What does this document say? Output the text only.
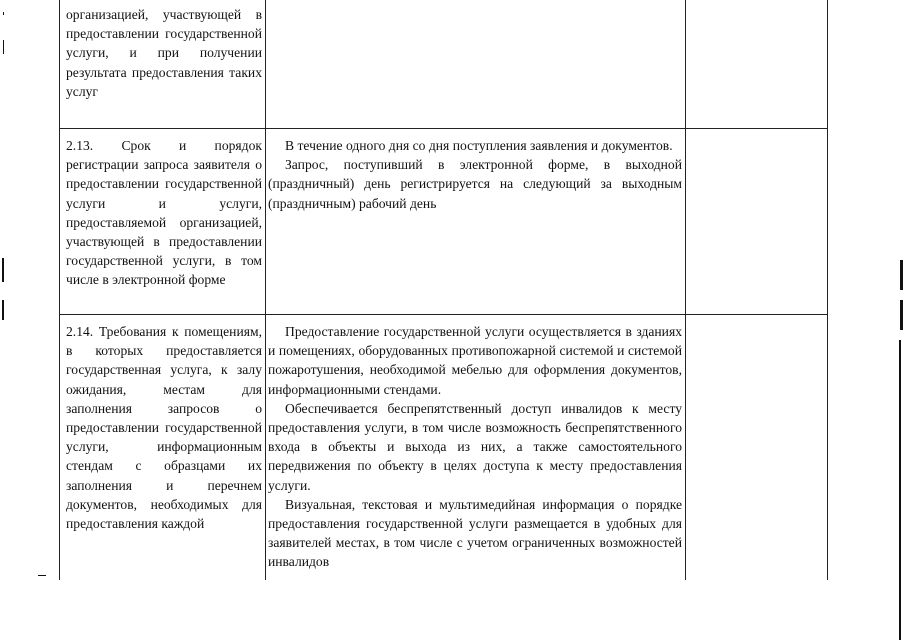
организацией, участвующей в предоставлении государственной услуги, и при получении результата предоставления таких услуг

2.13. Срок и порядок регистрации запроса заявителя о предоставлении государственной услуги и услуги, предоставляемой организацией, участвующей в предоставлении государственной услуги, в том числе в электронной форме

В течение одного дня со дня поступления заявления и документов.

Запрос, поступивший в электронной форме, в выходной (праздничный) день регистрируется на следующий за выходным (праздничным) рабочий день

2.14. Требования к помещениям, в которых предоставляется государственная услуга, к залу ожидания, местам для заполнения запросов о предоставлении государственной услуги, информационным стендам с образцами их заполнения и перечнем документов, необходимых для предоставления каждой

Предоставление государственной услуги осуществляется в зданиях и помещениях, оборудованных противопожарной системой и системой пожаротушения, необходимой мебелью для оформления документов, информационными стендами.

Обеспечивается беспрепятственный доступ инвалидов к месту предоставления услуги, в том числе возможность беспрепятственного входа в объекты и выхода из них, а также самостоятельного передвижения по объекту в целях доступа к месту предоставления услуги.

Визуальная, текстовая и мультимедийная информация о порядке предоставления государственной услуги размещается в удобных для заявителей местах, в том числе с учетом ограниченных возможностей инвалидов
